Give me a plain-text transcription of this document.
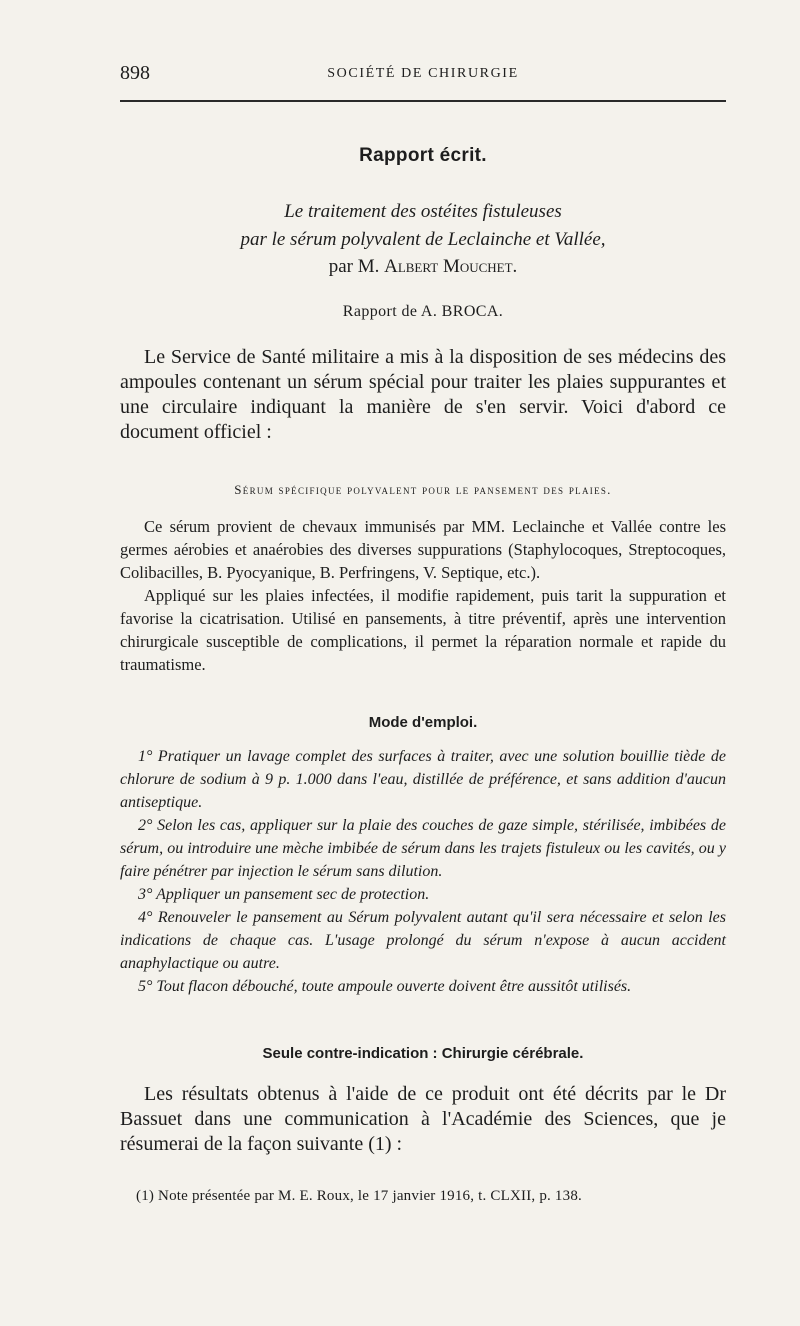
898	SOCIÉTÉ DE CHIRURGIE
Rapport écrit.
Le traitement des ostéites fistuleuses
par le sérum polyvalent de Leclainche et Vallée,
par M. Albert Mouchet.
Rapport de A. BROCA.

Le Service de Santé militaire a mis à la disposition de ses médecins des ampoules contenant un sérum spécial pour traiter les plaies suppurantes et une circulaire indiquant la manière de s'en servir. Voici d'abord ce document officiel :

Sérum spécifique polyvalent pour le pansement des plaies.

Ce sérum provient de chevaux immunisés par MM. Leclainche et Vallée contre les germes aérobies et anaérobies des diverses suppurations (Staphylocoques, Streptocoques, Colibacilles, B. Pyocyanique, B. Perfringens, V. Septique, etc.).

Appliqué sur les plaies infectées, il modifie rapidement, puis tarit la suppuration et favorise la cicatrisation. Utilisé en pansements, à titre préventif, après une intervention chirurgicale susceptible de complications, il permet la réparation normale et rapide du traumatisme.

Mode d'emploi.

1° Pratiquer un lavage complet des surfaces à traiter, avec une solution bouillie tiède de chlorure de sodium à 9 p. 1.000 dans l'eau, distillée de préférence, et sans addition d'aucun antiseptique.

2° Selon les cas, appliquer sur la plaie des couches de gaze simple, stérilisée, imbibées de sérum, ou introduire une mèche imbibée de sérum dans les trajets fistuleux ou les cavités, ou y faire pénétrer par injection le sérum sans dilution.

3° Appliquer un pansement sec de protection.

4° Renouveler le pansement au Sérum polyvalent autant qu'il sera nécessaire et selon les indications de chaque cas. L'usage prolongé du sérum n'expose à aucun accident anaphylactique ou autre.

5° Tout flacon débouché, toute ampoule ouverte doivent être aussitôt utilisés.

Seule contre-indication : Chirurgie cérébrale.

Les résultats obtenus à l'aide de ce produit ont été décrits par le Dr Bassuet dans une communication à l'Académie des Sciences, que je résumerai de la façon suivante (1) :

(1) Note présentée par M. E. Roux, le 17 janvier 1916, t. CLXII, p. 138.
